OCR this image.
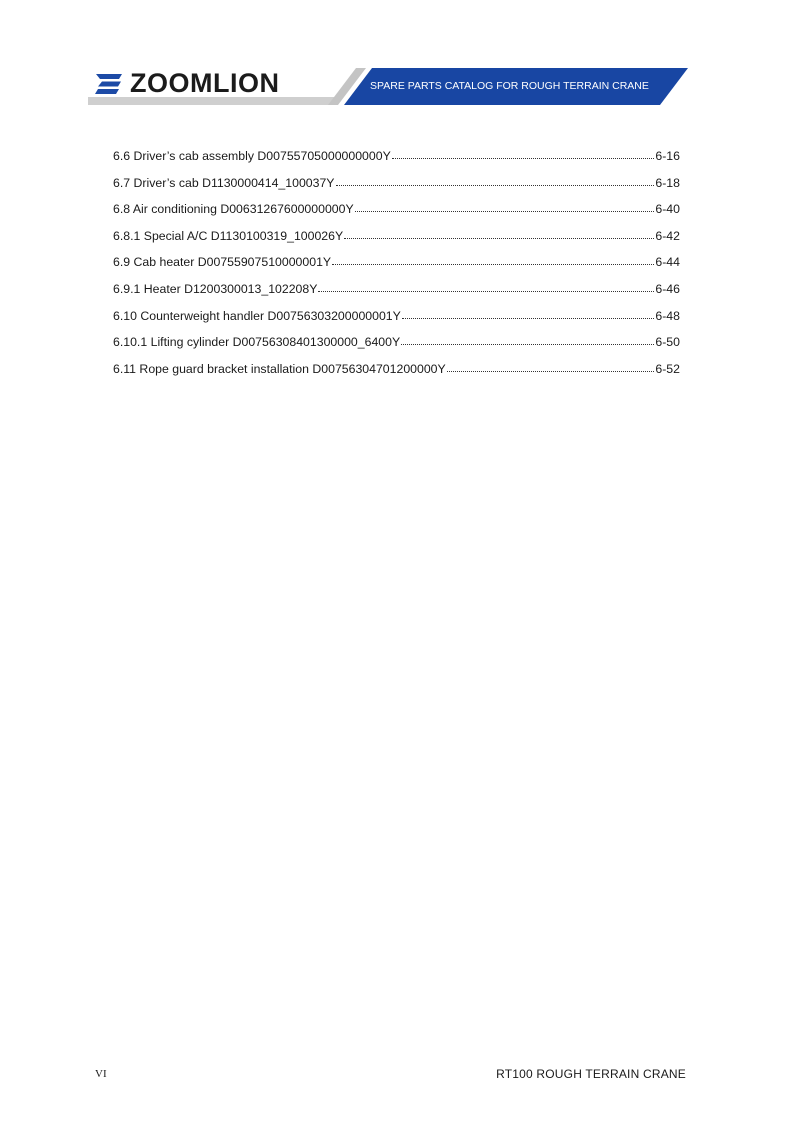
ZOOMLION	SPARE PARTS CATALOG FOR ROUGH TERRAIN CRANE
6.6 Driver’s cab assembly D00755705000000000Y	6-16
6.7 Driver’s cab D1130000414_100037Y	6-18
6.8 Air conditioning D00631267600000000Y	6-40
6.8.1 Special A/C D1130100319_100026Y	6-42
6.9 Cab heater D00755907510000001Y	6-44
6.9.1 Heater D1200300013_102208Y	6-46
6.10 Counterweight handler D00756303200000001Y	6-48
6.10.1 Lifting cylinder D00756308401300000_6400Y	6-50
6.11 Rope guard bracket installation D00756304701200000Y	6-52
VI	RT100 ROUGH TERRAIN CRANE
